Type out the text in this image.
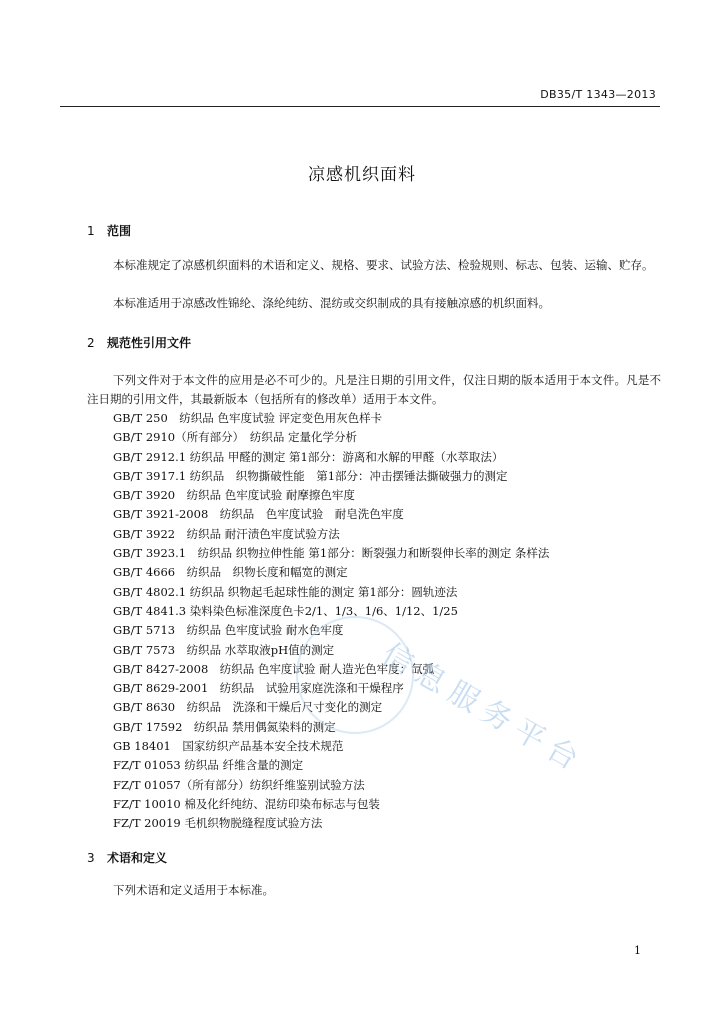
DB35/T 1343—2013
凉感机织面料
1 范围
本标准规定了凉感机织面料的术语和定义、规格、要求、试验方法、检验规则、标志、包装、运输、贮存。
本标准适用于凉感改性锦纶、涤纶纯纺、混纺或交织制成的具有接触凉感的机织面料。
2 规范性引用文件
下列文件对于本文件的应用是必不可少的。凡是注日期的引用文件，仅注日期的版本适用于本文件。凡是不注日期的引用文件，其最新版本（包括所有的修改单）适用于本文件。
GB/T 250　纺织品 色牢度试验 评定变色用灰色样卡
GB/T 2910（所有部分）　纺织品 定量化学分析
GB/T 2912.1 纺织品 甲醛的测定 第1部分：游离和水解的甲醛（水萃取法）
GB/T 3917.1 纺织品　织物撕破性能　第1部分：冲击摆锤法撕破强力的测定
GB/T 3920　纺织品 色牢度试验 耐摩擦色牢度
GB/T 3921-2008　纺织品　色牢度试验　耐皂洗色牢度
GB/T 3922　纺织品 耐汗渍色牢度试验方法
GB/T 3923.1　纺织品 织物拉伸性能 第1部分：断裂强力和断裂伸长率的测定 条样法
GB/T 4666　纺织品　织物长度和幅宽的测定
GB/T 4802.1 纺织品 织物起毛起球性能的测定 第1部分：圆轨迹法
GB/T 4841.3 染料染色标准深度色卡2/1、1/3、1/6、1/12、1/25
GB/T 5713　纺织品 色牢度试验 耐水色牢度
GB/T 7573　纺织品 水萃取液pH值的测定
GB/T 8427-2008　纺织品 色牢度试验 耐人造光色牢度：氙弧
GB/T 8629-2001　纺织品　试验用家庭洗涤和干燥程序
GB/T 8630　纺织品　洗涤和干燥后尺寸变化的测定
GB/T 17592　纺织品 禁用偶氮染料的测定
GB 18401　国家纺织产品基本安全技术规范
FZ/T 01053 纺织品 纤维含量的测定
FZ/T 01057（所有部分）纺织纤维鉴别试验方法
FZ/T 10010 棉及化纤纯纺、混纺印染布标志与包装
FZ/T 20019 毛机织物脱缝程度试验方法
3 术语和定义
下列术语和定义适用于本标准。
信息服务平台
1
